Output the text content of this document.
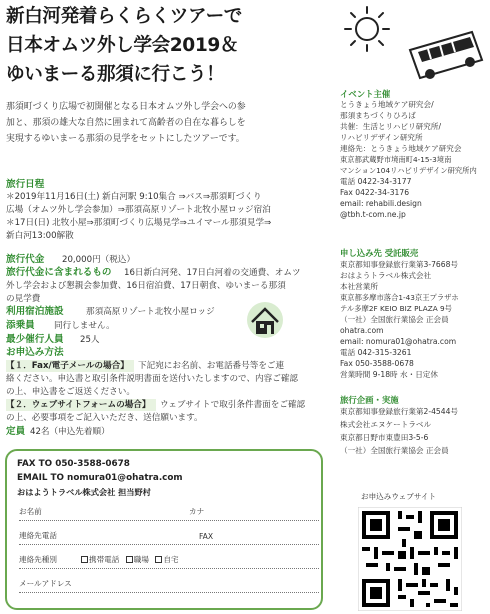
新白河発着らくらくツアーで
日本オムツ外し学会2019＆
ゆいまーる那須に行こう！
那須町づくり広場で初開催となる日本オムツ外し学会への参
加と、那須の雄大な自然に囲まれて高齢者の自在な暮らしを
実現するゆいまーる那須の見学をセットにしたツアーです。
旅行日程
＊2019年11月16日(土) 新白河駅 9:10集合 ⇒バス⇒那須町づくり
広場（オムツ外し学会参加）⇒那須高原リゾート北牧小屋ロッジ宿泊
＊17日(日) 北牧小屋⇒那須町づくり広場見学⇒ユイマール那須見学⇒
新白河13:00解散
旅行代金 20,000円（税込）
旅行代金に含まれるもの 16日新白河発、17日白河着の交通費、オムツ
外し学会および懇親会参加費、16日宿泊費、17日朝食、ゆいまーる那須
の見学費
利用宿泊施設	那須高原リゾート北牧小屋ロッジ
添乗員 同行しません。
最少催行人員 25人
お申込み方法
【１．Fax/電子メールの場合】 下記宛にお名前、お電話番号等をご連
絡ください。申込書と取引条件説明書面を送付いたしますので、内容ご確認
の上、申込書をご返送ください。
【２．ウェブサイトフォームの場合】 ウェブサイトで取引条件書面をご確認
の上、必要事項をご記入いただき、送信願います。
定員 42名（申込先着順）
FAX TO 050-3588-0678
EMAIL TO nomura01@ohatra.com
おはようトラベル株式会社 担当野村
お名前	カナ
連絡先電話	FAX
連絡先種別	携帯電話 職場 自宅
メールアドレス
イベント主催
とうきょう地域ケア研究会/
那須まちづくりひろば
共催：生活とリハビリ研究所/
リハビリデザイン研究所
連絡先：とうきょう地域ケア研究会
東京都武蔵野市境南町4-15-3境南
マンション104リハビリデザイン研究所内
電話 0422-34-3177
Fax 0422-34-3176
email: rehabili.design
@tbh.t-com.ne.jp
申し込み先 受託販売
東京都知事登録旅行業第3-7668号
おはようトラベル株式会社
本社営業所
東京都多摩市落合1-43京王プラザホ
テル多摩2F KEIO BIZ PLAZA 9号
（一社）全国旅行業協会 正会員
ohatra.com
email: nomura01@ohatra.com
電話 042-315-3261
Fax 050-3588-0678
営業時間 9-18時 水・日定休
旅行企画・実施
東京都知事登録旅行業第2-4544号
株式会社エヌケートラベル
東京都日野市東豊田3-5-6
（一社）全国旅行業協会 正会員
お申込みウェブサイト
